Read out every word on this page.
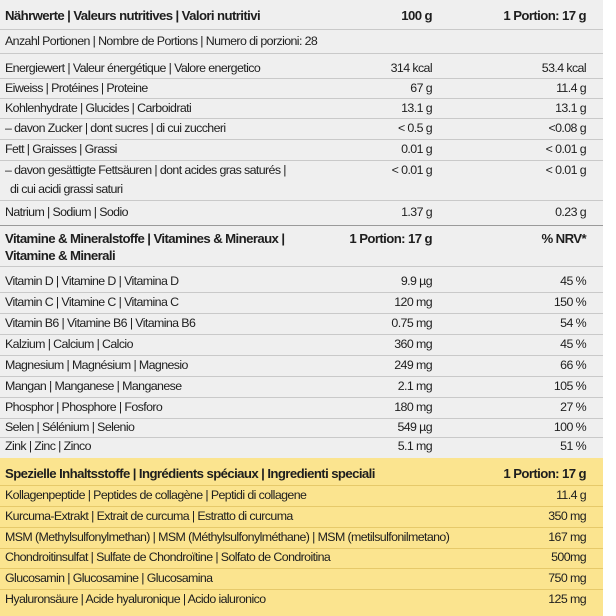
Nährwerte | Valeurs nutritives | Valori nutritivi	100 g	1 Portion: 17 g
Anzahl Portionen | Nombre de Portions | Numero di porzioni: 28
Energiewert | Valeur énergétique | Valore energetico	314 kcal	53.4 kcal
Eiweiss | Protéines | Proteine	67 g	11.4 g
Kohlenhydrate | Glucides | Carboidrati	13.1 g	13.1 g
– davon Zucker | dont sucres | di cui zuccheri	< 0.5 g	<0.08 g
Fett | Graisses | Grassi	0.01 g	< 0.01 g
– davon gesättigte Fettsäuren | dont acides gras saturés |	< 0.01 g	< 0.01 g
di cui acidi grassi saturi
Natrium | Sodium | Sodio	1.37 g	0.23 g
Vitamine & Mineralstoffe | Vitamines & Mineraux |	1 Portion: 17 g	% NRV*
Vitamine & Minerali
Vitamin D | Vitamine D | Vitamina D	9.9 µg	45 %
Vitamin C | Vitamine C | Vitamina C	120 mg	150 %
Vitamin B6 | Vitamine B6 | Vitamina B6	0.75 mg	54 %
Kalzium | Calcium | Calcio	360 mg	45 %
Magnesium | Magnésium | Magnesio	249 mg	66 %
Mangan | Manganese | Manganese	2.1 mg	105 %
Phosphor | Phosphore | Fosforo	180 mg	27 %
Selen | Sélénium | Selenio	549 µg	100 %
Zink | Zinc | Zinco	5.1 mg	51 %
Spezielle Inhaltsstoffe | Ingrédients spéciaux | Ingredienti speciali	1 Portion: 17 g
Kollagenpeptide | Peptides de collagène | Peptidi di collagene	11.4 g
Kurcuma-Extrakt | Extrait de curcuma | Estratto di curcuma	350 mg
MSM (Methylsulfonylmethan) | MSM (Méthylsulfonylméthane) | MSM (metilsulfonilmetano)	167 mg
Chondroitinsulfat | Sulfate de Chondroïtine | Solfato de Condroitina	500mg
Glucosamin | Glucosamine | Glucosamina	750 mg
Hyaluronsäure | Acide hyaluronique | Acido ialuronico	125 mg
